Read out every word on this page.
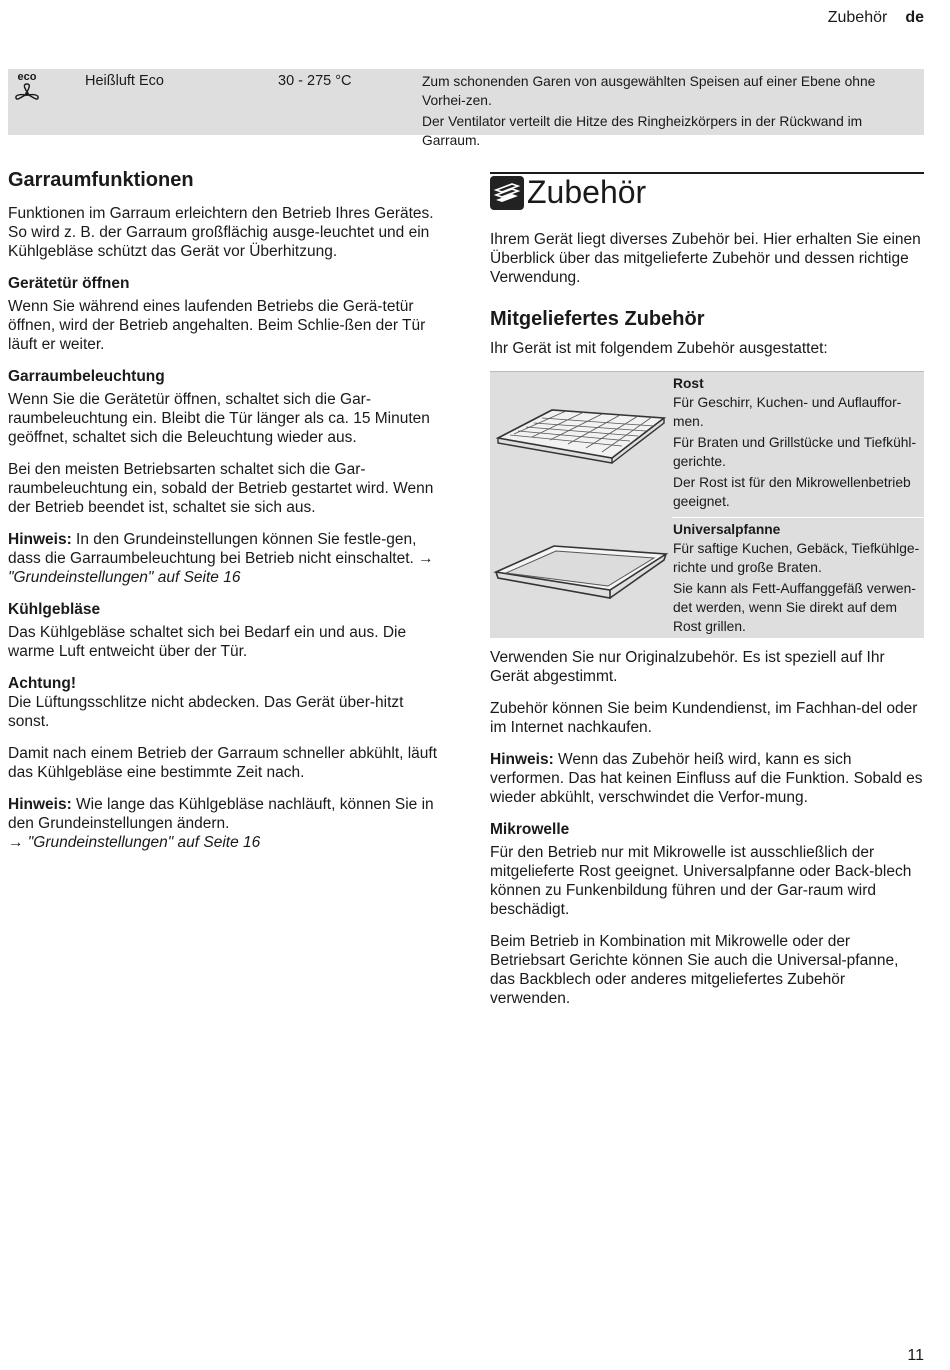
Zubehör de
eco	Heißluft Eco	30 - 275 °C	Zum schonenden Garen von ausgewählten Speisen auf einer Ebene ohne Vorhei-zen.

Der Ventilator verteilt die Hitze des Ringheizkörpers in der Rückwand im Garraum.

Garraumfunktionen

Funktionen im Garraum erleichtern den Betrieb Ihres Gerätes. So wird z. B. der Garraum großflächig ausge-leuchtet und ein Kühlgebläse schützt das Gerät vor Überhitzung.

Gerätetür öffnen

Wenn Sie während eines laufenden Betriebs die Gerä-tetür öffnen, wird der Betrieb angehalten. Beim Schlie-ßen der Tür läuft er weiter.

Garraumbeleuchtung

Wenn Sie die Gerätetür öffnen, schaltet sich die Gar-raumbeleuchtung ein. Bleibt die Tür länger als ca. 15 Minuten geöffnet, schaltet sich die Beleuchtung wieder aus.

Bei den meisten Betriebsarten schaltet sich die Gar-raumbeleuchtung ein, sobald der Betrieb gestartet wird. Wenn der Betrieb beendet ist, schaltet sie sich aus.

Hinweis: In den Grundeinstellungen können Sie festle-gen, dass die Garraumbeleuchtung bei Betrieb nicht einschaltet. → "Grundeinstellungen" auf Seite 16

Kühlgebläse

Das Kühlgebläse schaltet sich bei Bedarf ein und aus. Die warme Luft entweicht über der Tür.

Achtung!

Die Lüftungsschlitze nicht abdecken. Das Gerät über-hitzt sonst.

Damit nach einem Betrieb der Garraum schneller abkühlt, läuft das Kühlgebläse eine bestimmte Zeit nach.

Hinweis: Wie lange das Kühlgebläse nachläuft, können Sie in den Grundeinstellungen ändern.
→ "Grundeinstellungen" auf Seite 16

Zubehör

Ihrem Gerät liegt diverses Zubehör bei. Hier erhalten Sie einen Überblick über das mitgelieferte Zubehör und dessen richtige Verwendung.

Mitgeliefertes Zubehör

Ihr Gerät ist mit folgendem Zubehör ausgestattet:

Rost
Für Geschirr, Kuchen- und Auflauffor-men.
Für Braten und Grillstücke und Tiefkühl-gerichte.
Der Rost ist für den Mikrowellenbetrieb geeignet.
Universalpfanne
Für saftige Kuchen, Gebäck, Tiefkühlge-richte und große Braten.
Sie kann als Fett-Auffanggefäß verwen-det werden, wenn Sie direkt auf dem Rost grillen.

Verwenden Sie nur Originalzubehör. Es ist speziell auf Ihr Gerät abgestimmt.

Zubehör können Sie beim Kundendienst, im Fachhan-del oder im Internet nachkaufen.

Hinweis: Wenn das Zubehör heiß wird, kann es sich verformen. Das hat keinen Einfluss auf die Funktion. Sobald es wieder abkühlt, verschwindet die Verfor-mung.

Mikrowelle

Für den Betrieb nur mit Mikrowelle ist ausschließlich der mitgelieferte Rost geeignet. Universalpfanne oder Back-blech können zu Funkenbildung führen und der Gar-raum wird beschädigt.

Beim Betrieb in Kombination mit Mikrowelle oder der Betriebsart Gerichte können Sie auch die Universal-pfanne, das Backblech oder anderes mitgeliefertes Zubehör verwenden.

11
